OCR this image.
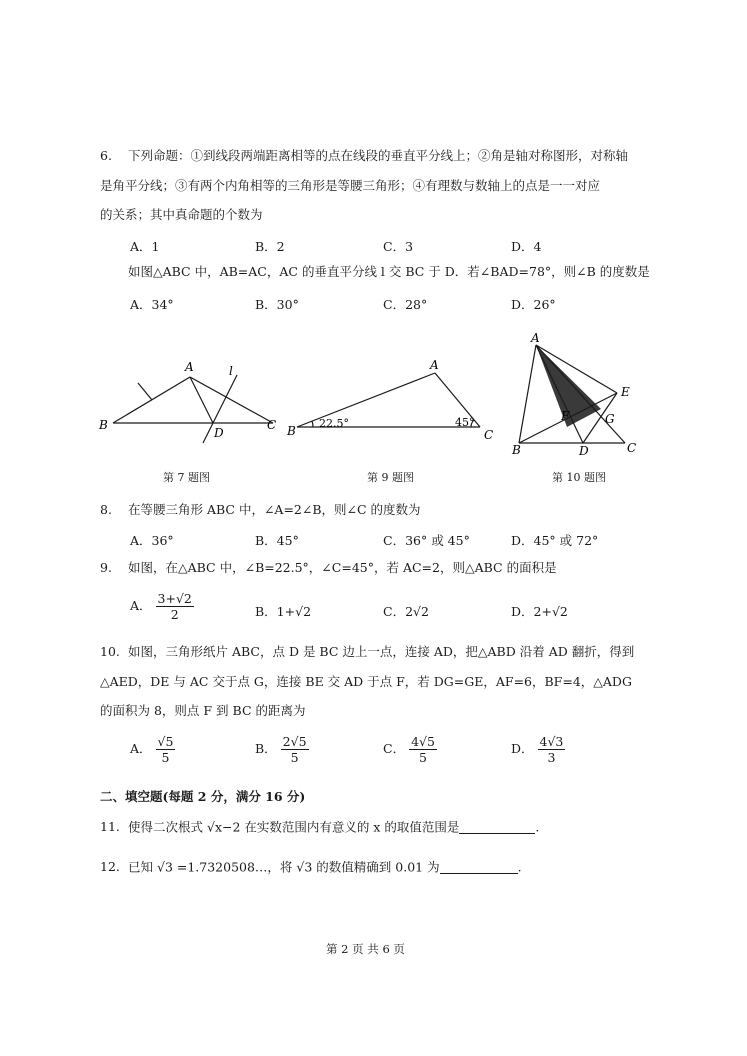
6. 下列命题：①到线段两端距离相等的点在线段的垂直平分线上；②角是轴对称图形，对称轴
是角平分线；③有两个内角相等的三角形是等腰三角形；④有理数与数轴上的点是一一对应
的关系；其中真命题的个数为
A．1	B．2	C．3	D．4
如图△ABC 中，AB=AC，AC 的垂直平分线 l 交 BC 于 D．若∠BAD=78°，则∠B 的度数是
A．34°	B．30°	C．28°	D．26°
A
B	C
D
l
第 7 题图
A
B	C
22.5°	45°
第 9 题图
A
B	C
D
E
F	G
第 10 题图
8. 在等腰三角形 ABC 中，∠A=2∠B，则∠C 的度数为
A．36°	B．45°	C．36° 或 45°	D．45° 或 72°
9. 如图，在△ABC 中，∠B=22.5°，∠C=45°，若 AC=2，则△ABC 的面积是
A． $\frac{3+√2}{2}$	B．1+√2	C．2√2	D．2+√2
10. 如图，三角形纸片 ABC，点 D 是 BC 边上一点，连接 AD，把△ABD 沿着 AD 翻折，得到
△AED，DE 与 AC 交于点 G，连接 BE 交 AD 于点 F，若 DG=GE，AF=6，BF=4，△ADG
的面积为 8，则点 F 到 BC 的距离为
A． $\frac{√5}{5}$	B． $\frac{2√5}{5}$	C． $\frac{4√5}{5}$	D． $\frac{4√3}{3}$
二、填空题(每题 2 分，满分 16 分)
11. 使得二次根式 √x−2 在实数范围内有意义的 x 的取值范围是	.
12. 已知 √3 =1.7320508…，将 √3 的数值精确到 0.01 为	.
第 2 页 共 6 页
